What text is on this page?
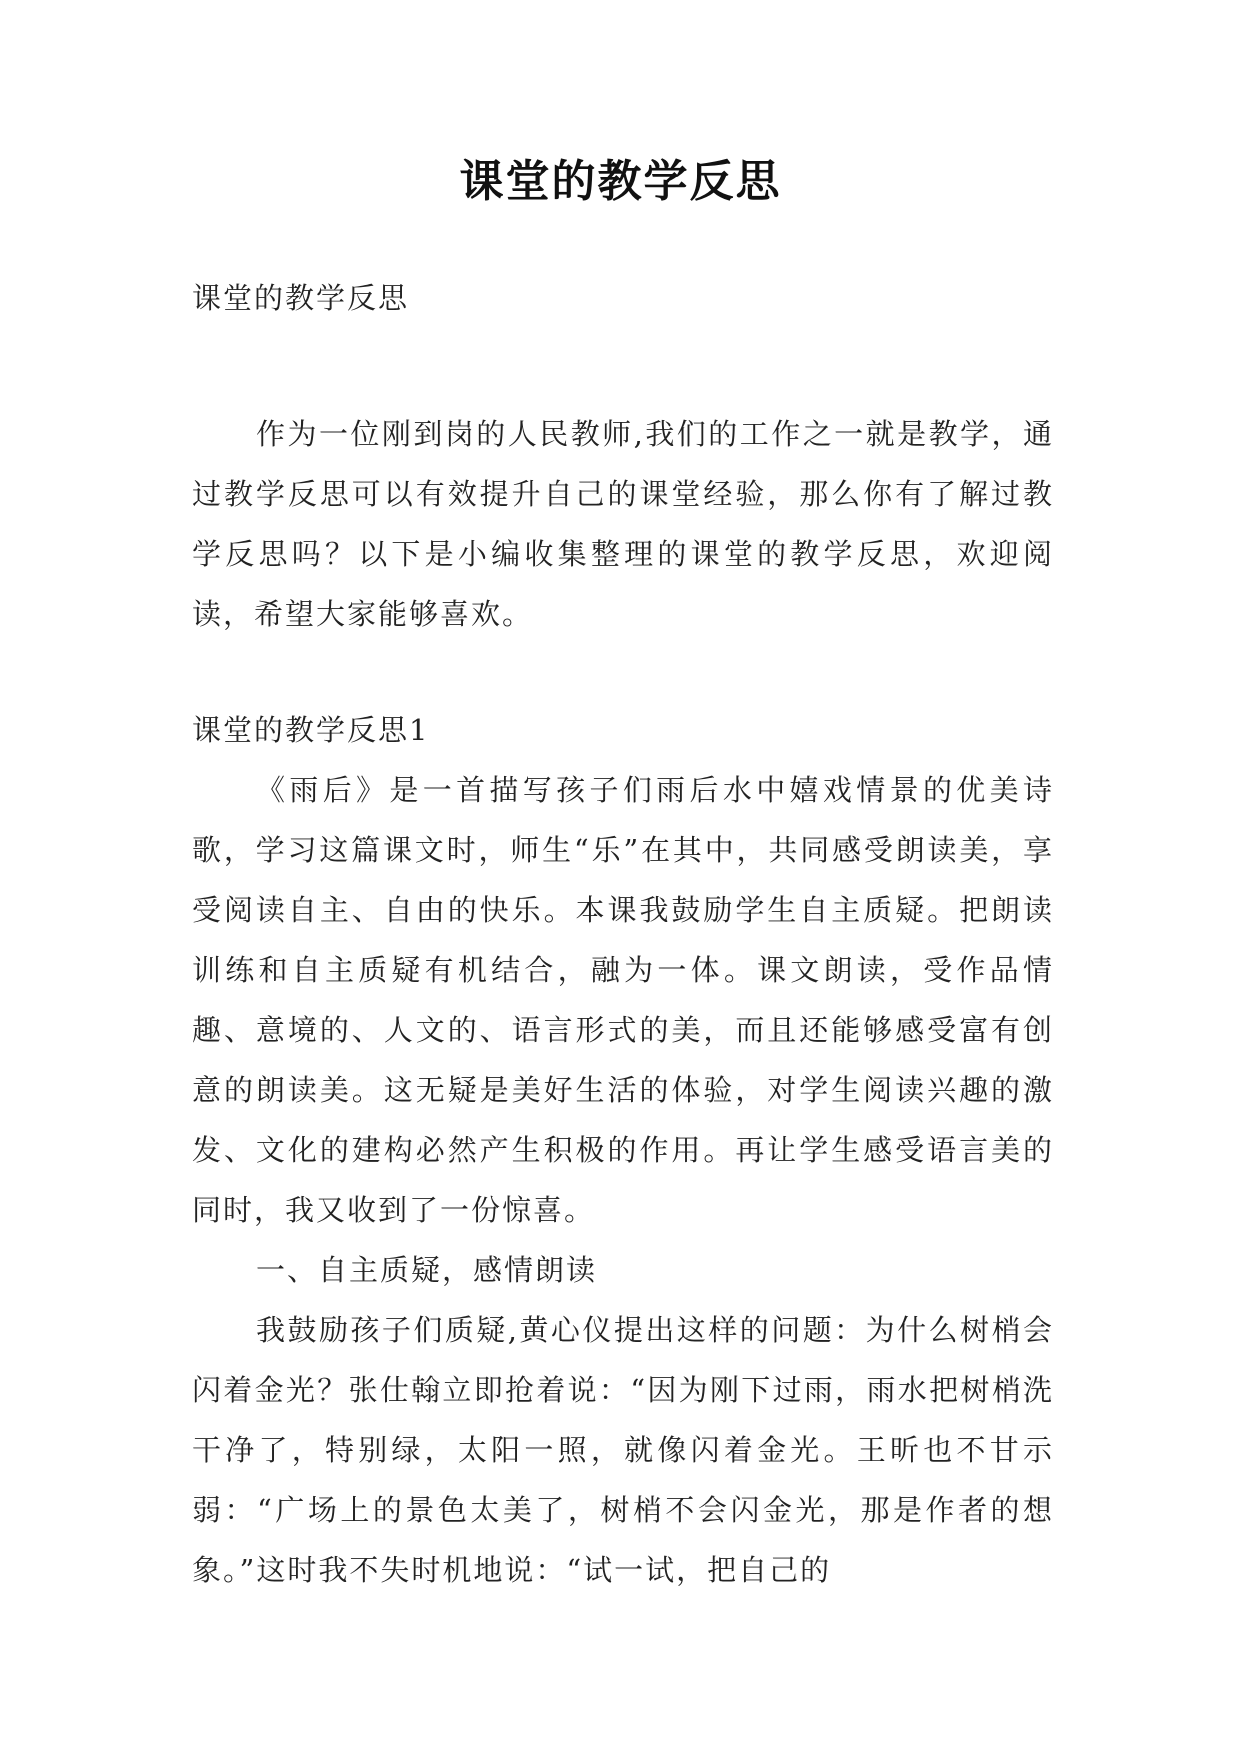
课堂的教学反思
课堂的教学反思
作为一位刚到岗的人民教师,我们的工作之一就是教学，通过教学反思可以有效提升自己的课堂经验，那么你有了解过教学反思吗？以下是小编收集整理的课堂的教学反思，欢迎阅读，希望大家能够喜欢。
课堂的教学反思1

《雨后》是一首描写孩子们雨后水中嬉戏情景的优美诗歌，学习这篇课文时，师生“乐”在其中，共同感受朗读美，享受阅读自主、自由的快乐。本课我鼓励学生自主质疑。把朗读训练和自主质疑有机结合，融为一体。课文朗读，受作品情趣、意境的、人文的、语言形式的美，而且还能够感受富有创意的朗读美。这无疑是美好生活的体验，对学生阅读兴趣的激发、文化的建构必然产生积极的作用。再让学生感受语言美的同时，我又收到了一份惊喜。

一、自主质疑，感情朗读

我鼓励孩子们质疑,黄心仪提出这样的问题：为什么树梢会闪着金光？张仕翰立即抢着说：“因为刚下过雨，雨水把树梢洗干净了，特别绿，太阳一照，就像闪着金光。王昕也不甘示弱：“广场上的景色太美了，树梢不会闪金光，那是作者的想象。”这时我不失时机地说：“试一试，把自己的
